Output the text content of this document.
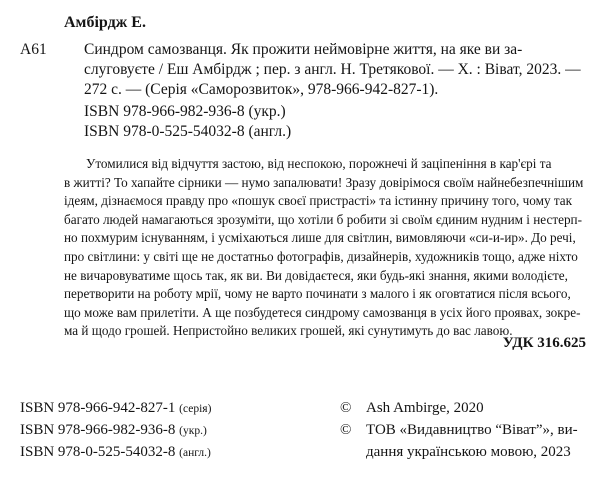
Амбірдж Е.
А61 Синдром самозванця. Як прожити неймовірне життя, на яке ви за-
слуговуєте / Еш Амбірдж ; пер. з англ. Н. Третякової. — Х. : Віват, 2023. —
272 с. — (Серія «Саморозвиток», 978-966-942-827-1).
ISBN 978-966-982-936-8 (укр.)
ISBN 978-0-525-54032-8 (англ.)
Утомилися від відчуття застою, від неспокою, порожнечі й заціпеніння в кар'єрі та
в житті? То хапайте сірники — нумо запалювати! Зразу довірімося своїм найнебезпечнішим
ідеям, дізнаємося правду про «пошук своєї пристрасті» та істинну причину того, чому так
багато людей намагаються зрозуміти, що хотіли б робити зі своїм єдиним нудним і нестерп-
но похмурим існуванням, і усміхаються лише для світлин, вимовляючи «си-и-ир». До речі,
про світлини: у світі ще не достатньо фотографів, дизайнерів, художників тощо, адже ніхто
не вичаровуватиме щось так, як ви. Ви довідаєтеся, яки будь-які знання, якими володієте,
перетворити на роботу мрії, чому не варто починати з малого і як оговтатися після всього,
що може вам прилетіти. А ще позбудетеся синдрому самозванця в усіх його проявах, зокре-
ма й щодо грошей. Непристойно великих грошей, які сунутимуть до вас лавою.
УДК 316.625
ISBN 978-966-942-827-1 (серія)
ISBN 978-966-982-936-8 (укр.)
ISBN 978-0-525-54032-8 (англ.)
© Ash Ambirge, 2020
© ТОВ «Видавництво “Віват”», ви-
дання українською мовою, 2023
